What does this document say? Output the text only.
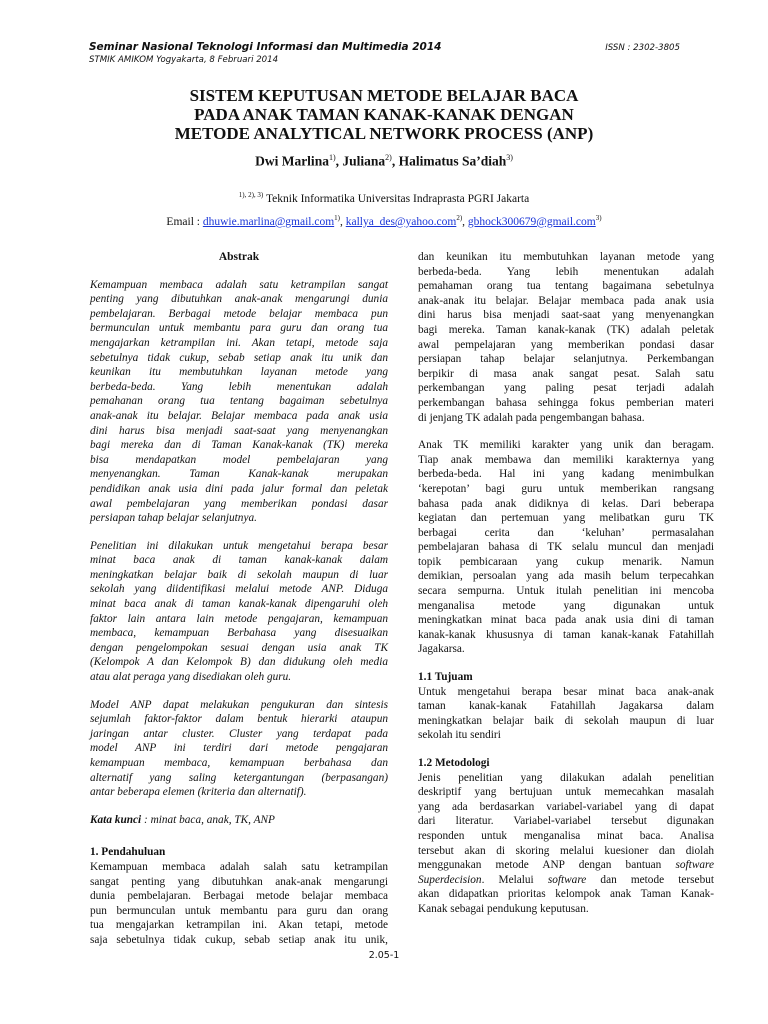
Seminar Nasional Teknologi Informasi dan Multimedia 2014
STMIK AMIKOM Yogyakarta, 8 Februari 2014
ISSN : 2302-3805
SISTEM KEPUTUSAN METODE BELAJAR BACA
PADA ANAK TAMAN KANAK-KANAK DENGAN
METODE ANALYTICAL NETWORK PROCESS (ANP)
Dwi Marlina$^{1)}$, Juliana$^{2)}$, Halimatus Sa’diah$^{3)}$
$^{1), 2), 3)}$ Teknik Informatika Universitas Indraprasta PGRI Jakarta
Email : dhuwie.marlina@gmail.com$^{1)}$, kallya_des@yahoo.com$^{2)}$, gbhock300679@gmail.com$^{3)}$
Abstrak
Kemampuan membaca adalah satu ketrampilan sangat
penting yang dibutuhkan anak-anak mengarungi dunia
pembelajaran. Berbagai metode belajar membaca pun
bermunculan untuk membantu para guru dan orang tua
mengajarkan ketrampilan ini. Akan tetapi, metode saja
sebetulnya tidak cukup, sebab setiap anak itu unik dan
keunikan itu membutuhkan layanan metode yang
berbeda-beda. Yang lebih menentukan adalah
pemahanan orang tua tentang bagaiman sebetulnya
anak-anak itu belajar. Belajar membaca pada anak usia
dini harus bisa menjadi saat-saat yang menyenangkan
bagi mereka dan di Taman Kanak-kanak (TK) mereka
bisa mendapatkan model pembelajaran yang
menyenangkan. Taman Kanak-kanak merupakan
pendidikan anak usia dini pada jalur formal dan peletak
awal pembelajaran yang memberikan pondasi dasar
persiapan tahap belajar selanjutnya.
Penelitian ini dilakukan untuk mengetahui berapa besar
minat baca anak di taman kanak-kanak dalam
meningkatkan belajar baik di sekolah maupun di luar
sekolah yang diidentifikasi melalui metode ANP. Diduga
minat baca anak di taman kanak-kanak dipengaruhi oleh
faktor lain antara lain metode pengajaran, kemampuan
membaca, kemampuan Berbahasa yang disesuaikan
dengan pengelompokan sesuai dengan usia anak TK
(Kelompok A dan Kelompok B) dan didukung oleh media
atau alat peraga yang disediakan oleh guru.
Model ANP dapat melakukan pengukuran dan sintesis
sejumlah faktor-faktor dalam bentuk hierarki ataupun
jaringan antar cluster. Cluster yang terdapat pada
model ANP ini terdiri dari metode pengajaran
kemampuan membaca, kemampuan berbahasa dan
alternatif yang saling ketergantungan (berpasangan)
antar beberapa elemen (kriteria dan alternatif).
Kata kunci : minat baca, anak, TK, ANP
1. Pendahuluan
Kemampuan membaca adalah salah satu ketrampilan
sangat penting yang dibutuhkan anak-anak mengarungi
dunia pembelajaran. Berbagai metode belajar membaca
pun bermunculan untuk membantu para guru dan orang
tua mengajarkan ketrampilan ini. Akan tetapi, metode
saja sebetulnya tidak cukup, sebab setiap anak itu unik,
dan keunikan itu membutuhkan layanan metode yang
berbeda-beda. Yang lebih menentukan adalah
pemahaman orang tua tentang bagaimana sebetulnya
anak-anak itu belajar. Belajar membaca pada anak usia
dini harus bisa menjadi saat-saat yang menyenangkan
bagi mereka. Taman kanak-kanak (TK) adalah peletak
awal pempelajaran yang memberikan pondasi dasar
persiapan tahap belajar selanjutnya. Perkembangan
berpikir di masa anak sangat pesat. Salah satu
perkembangan yang paling pesat terjadi adalah
perkembangan bahasa sehingga fokus pemberian materi
di jenjang TK adalah pada pengembangan bahasa.
Anak TK memiliki karakter yang unik dan beragam.
Tiap anak membawa dan memiliki karakternya yang
berbeda-beda. Hal ini yang kadang menimbulkan
‘kerepotan’ bagi guru untuk memberikan rangsang
bahasa pada anak didiknya di kelas. Dari beberapa
kegiatan dan pertemuan yang melibatkan guru TK
berbagai cerita dan ‘keluhan’ permasalahan
pembelajaran bahasa di TK selalu muncul dan menjadi
topik pembicaraan yang cukup menarik. Namun
demikian, persoalan yang ada masih belum terpecahkan
secara sempurna. Untuk itulah penelitian ini mencoba
menganalisa metode yang digunakan untuk
meningkatkan minat baca pada anak usia dini di taman
kanak-kanak khususnya di taman kanak-kanak Fatahillah
Jagakarsa.
1.1 Tujuam
Untuk mengetahui berapa besar minat baca anak-anak
taman kanak-kanak Fatahillah Jagakarsa dalam
meningkatkan belajar baik di sekolah maupun di luar
sekolah itu sendiri
1.2 Metodologi
Jenis penelitian yang dilakukan adalah penelitian
deskriptif yang bertujuan untuk memecahkan masalah
yang ada berdasarkan variabel-variabel yang di dapat
dari literatur. Variabel-variabel tersebut digunakan
responden untuk menganalisa minat baca. Analisa
tersebut akan di skoring melalui kuesioner dan diolah
menggunakan metode ANP dengan bantuan software
Superdecision. Melalui software dan metode tersebut
akan didapatkan prioritas kelompok anak Taman Kanak-
Kanak sebagai pendukung keputusan.
2.05-1
